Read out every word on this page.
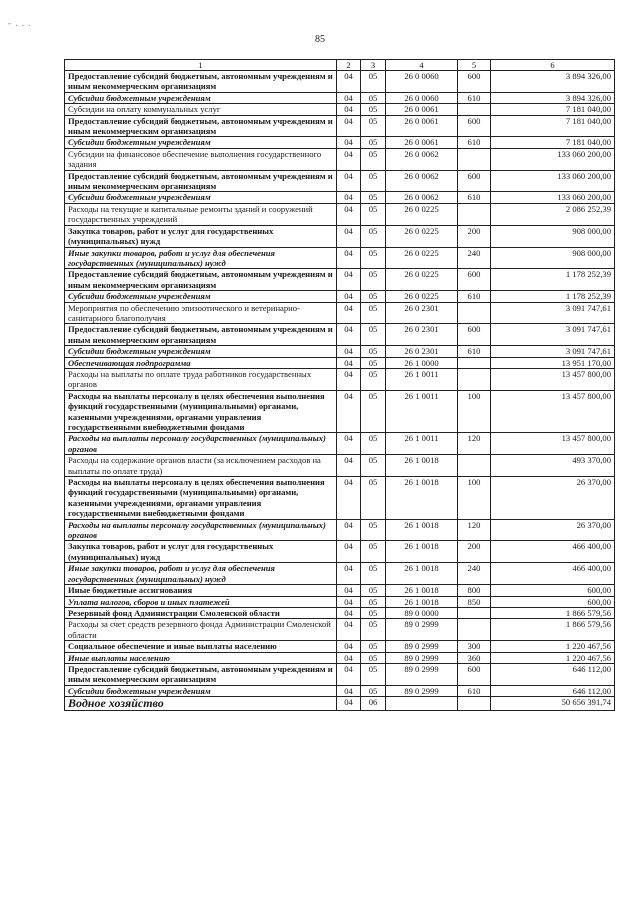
- . . .
85
1	2	3	4	5	6
Предоставление субсидий бюджетным, автономным учреждениям и иным некоммерческим организациям	04	05	26 0 0060	600	3 894 326,00
Субсидии бюджетным учреждениям	04	05	26 0 0060	610	3 894 326,00
Субсидии на оплату коммунальных услуг	04	05	26 0 0061		7 181 040,00
Предоставление субсидий бюджетным, автономным учреждениям и иным некоммерческим организациям	04	05	26 0 0061	600	7 181 040,00
Субсидии бюджетным учреждениям	04	05	26 0 0061	610	7 181 040,00
Субсидии на финансовое обеспечение выполнения государственного задания	04	05	26 0 0062		133 060 200,00
Предоставление субсидий бюджетным, автономным учреждениям и иным некоммерческим организациям	04	05	26 0 0062	600	133 060 200,00
Субсидии бюджетным учреждениям	04	05	26 0 0062	610	133 060 200,00
Расходы на текущие и капитальные ремонты зданий и сооружений государственных учреждений	04	05	26 0 0225		2 086 252,39
Закупка товаров, работ и услуг для государственных (муниципальных) нужд	04	05	26 0 0225	200	908 000,00
Иные закупки товаров, работ и услуг для обеспечения государственных (муниципальных) нужд	04	05	26 0 0225	240	908 000,00
Предоставление субсидий бюджетным, автономным учреждениям и иным некоммерческим организациям	04	05	26 0 0225	600	1 178 252,39
Субсидии бюджетным учреждениям	04	05	26 0 0225	610	1 178 252,39
Мероприятия по обеспечению эпизоотического и ветеринарно-санитарного благополучия	04	05	26 0 2301		3 091 747,61
Предоставление субсидий бюджетным, автономным учреждениям и иным некоммерческим организациям	04	05	26 0 2301	600	3 091 747,61
Субсидии бюджетным учреждениям	04	05	26 0 2301	610	3 091 747,61
Обеспечивающая подпрограмма	04	05	26 1 0000		13 951 170,00
Расходы на выплаты по оплате труда работников государственных органов	04	05	26 1 0011		13 457 800,00
Расходы на выплаты персоналу в целях обеспечения выполнения функций государственными (муниципальными) органами, казенными учреждениями, органами управления государственными внебюджетными фондами	04	05	26 1 0011	100	13 457 800,00
Расходы на выплаты персоналу государственных (муниципальных) органов	04	05	26 1 0011	120	13 457 800,00
Расходы на содержание органов власти (за исключением расходов на выплаты по оплате труда)	04	05	26 1 0018		493 370,00
Расходы на выплаты персоналу в целях обеспечения выполнения функций государственными (муниципальными) органами, казенными учреждениями, органами управления государственными внебюджетными фондами	04	05	26 1 0018	100	26 370,00
Расходы на выплаты персоналу государственных (муниципальных) органов	04	05	26 1 0018	120	26 370,00
Закупка товаров, работ и услуг для государственных (муниципальных) нужд	04	05	26 1 0018	200	466 400,00
Иные закупки товаров, работ и услуг для обеспечения государственных (муниципальных) нужд	04	05	26 1 0018	240	466 400,00
Иные бюджетные ассигнования	04	05	26 1 0018	800	600,00
Уплата налогов, сборов и иных платежей	04	05	26 1 0018	850	600,00
Резервный фонд Администрации Смоленской области	04	05	89 0 0000		1 866 579,56
Расходы за счет средств резервного фонда Администрации Смоленской области	04	05	89 0 2999		1 866 579,56
Социальное обеспечение и иные выплаты населению	04	05	89 0 2999	300	1 220 467,56
Иные выплаты населению	04	05	89 0 2999	360	1 220 467,56
Предоставление субсидий бюджетным, автономным учреждениям и иным некоммерческим организациям	04	05	89 0 2999	600	646 112,00
Субсидии бюджетным учреждениям	04	05	89 0 2999	610	646 112,00
Водное хозяйство	04	06			50 656 391,74
